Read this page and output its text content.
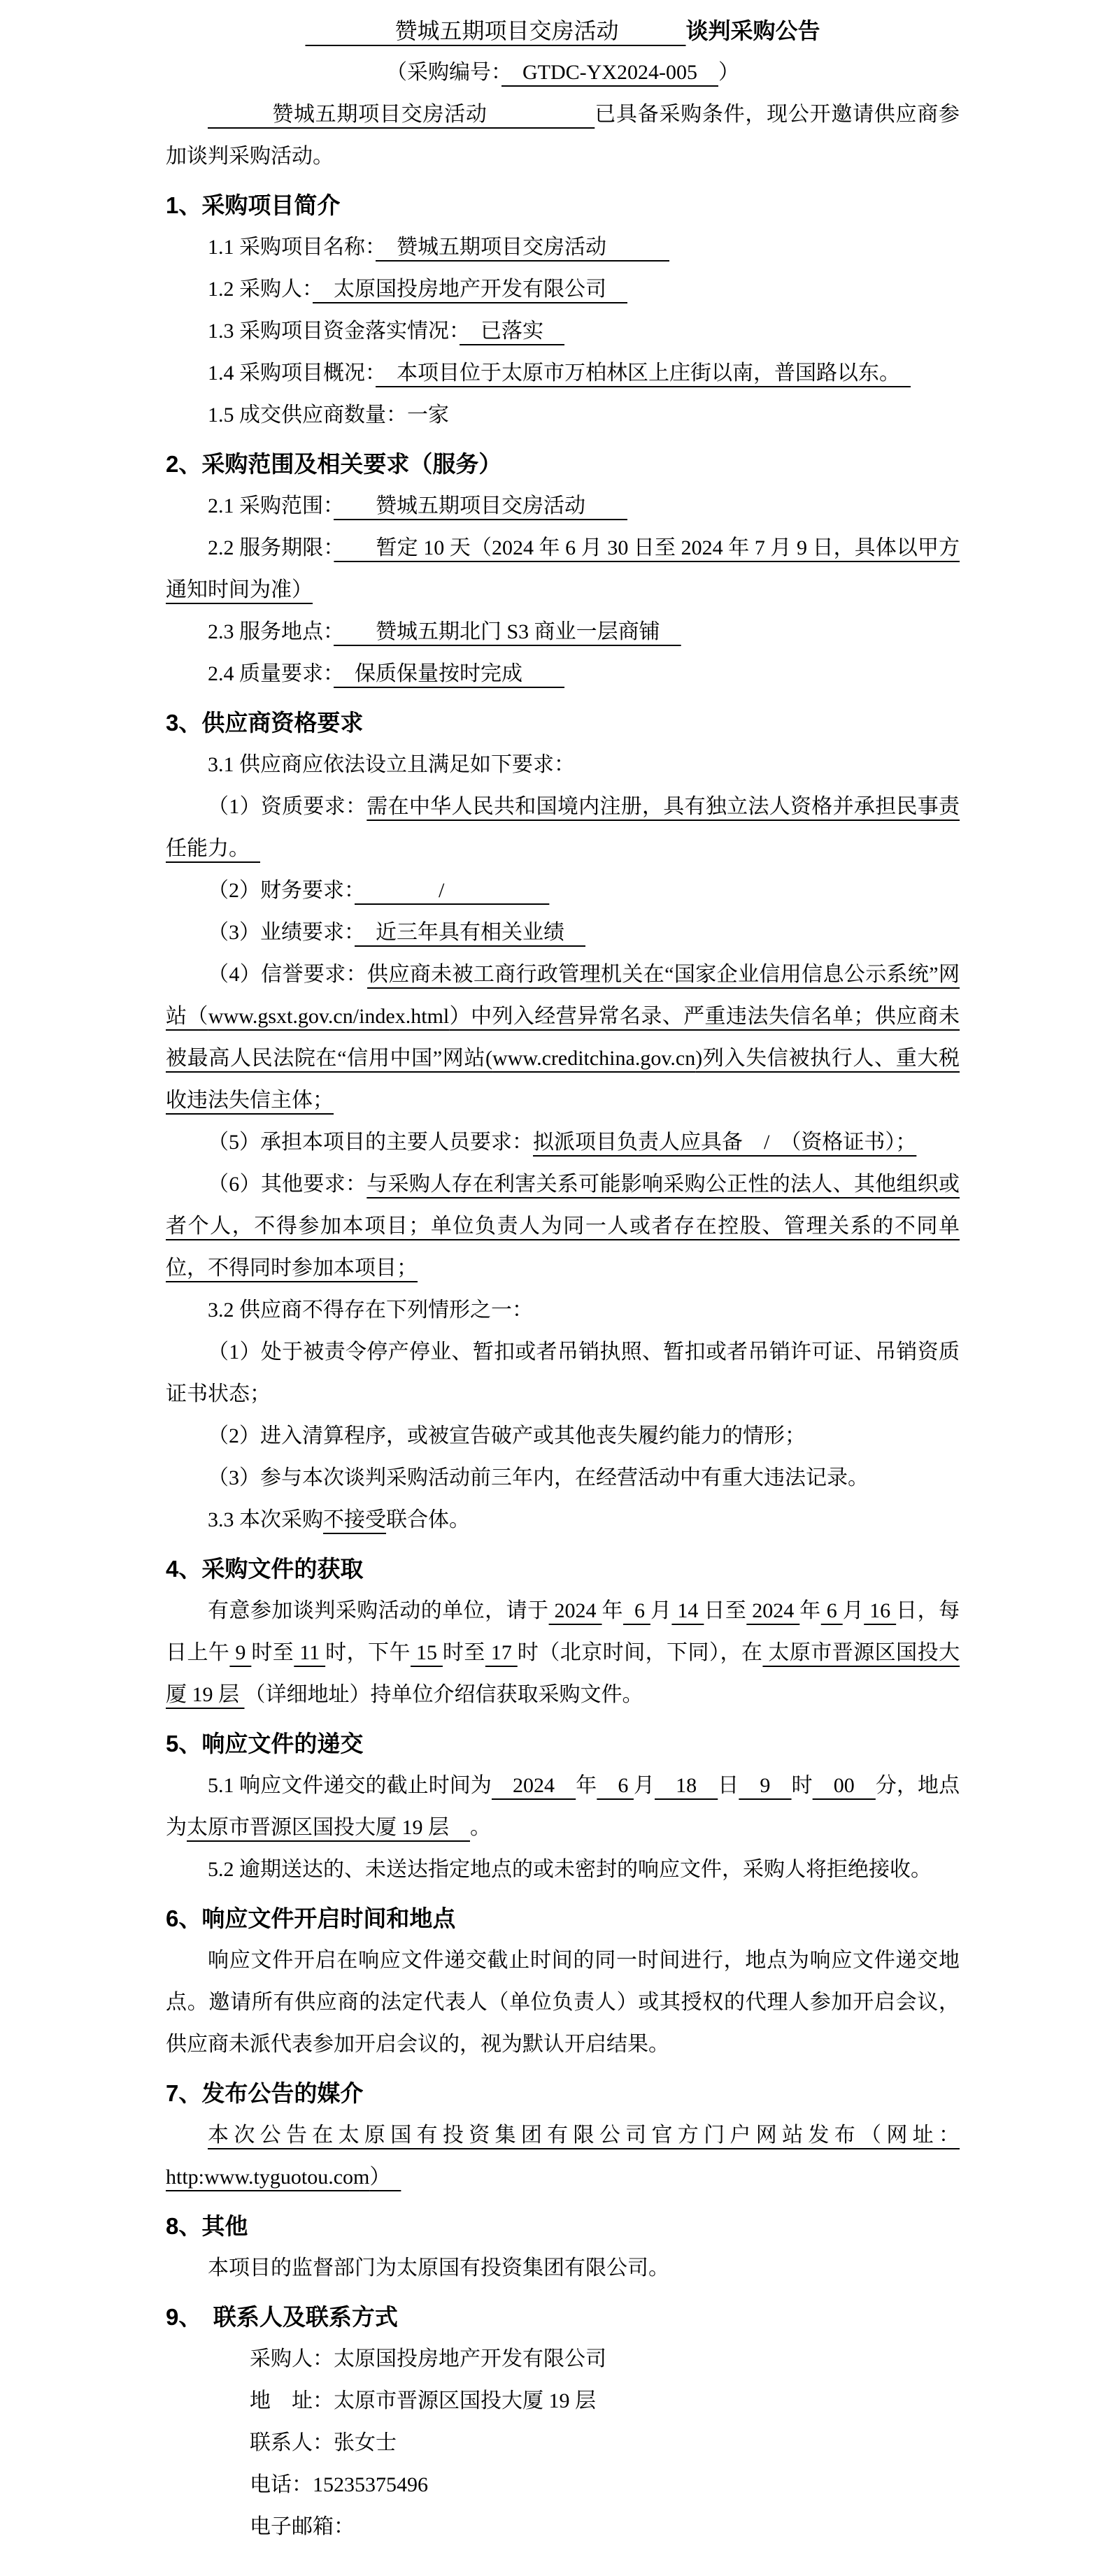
　　　　赞城五期项目交房活动　　　谈判采购公告

（采购编号：　GTDC-YX2024-005　）

　　　赞城五期项目交房活动　　　　　已具备采购条件，现公开邀请供应商参加谈判采购活动。

1、采购项目简介

1.1 采购项目名称：　赞城五期项目交房活动　　　

1.2 采购人：　太原国投房地产开发有限公司　

1.3 采购项目资金落实情况：　已落实　

1.4 采购项目概况：　本项目位于太原市万柏林区上庄街以南，普国路以东。　

1.5 成交供应商数量：一家

2、采购范围及相关要求（服务）

2.1 采购范围：　　赞城五期项目交房活动　　

2.2 服务期限：　　暂定 10 天（2024 年 6 月 30 日至 2024 年 7 月 9 日，具体以甲方通知时间为准）

2.3 服务地点：　　赞城五期北门 S3 商业一层商铺　

2.4 质量要求：　保质保量按时完成　　

3、供应商资格要求

3.1 供应商应依法设立且满足如下要求：

（1）资质要求：需在中华人民共和国境内注册，具有独立法人资格并承担民事责任能力。　

（2）财务要求：　　　　/　　　　　

（3）业绩要求：　近三年具有相关业绩　

（4）信誉要求：供应商未被工商行政管理机关在“国家企业信用信息公示系统”网站（www.gsxt.gov.cn/index.html）中列入经营异常名录、严重违法失信名单；供应商未被最高人民法院在“信用中国”网站(www.creditchina.gov.cn)列入失信被执行人、重大税收违法失信主体；

（5）承担本项目的主要人员要求：拟派项目负责人应具备　/　（资格证书）；

（6）其他要求：与采购人存在利害关系可能影响采购公正性的法人、其他组织或者个人，不得参加本项目；单位负责人为同一人或者存在控股、管理关系的不同单位，不得同时参加本项目；

3.2 供应商不得存在下列情形之一：

（1）处于被责令停产停业、暂扣或者吊销执照、暂扣或者吊销许可证、吊销资质证书状态；

（2）进入清算程序，或被宣告破产或其他丧失履约能力的情形；

（3）参与本次谈判采购活动前三年内，在经营活动中有重大违法记录。

3.3 本次采购不接受联合体。

4、采购文件的获取

有意参加谈判采购活动的单位，请于 2024 年  6 月 14 日至 2024 年 6 月 16 日，每日上午 9 时至 11 时，下午 15 时至 17 时（北京时间，下同），在 太原市晋源区国投大厦 19 层 （详细地址）持单位介绍信获取采购文件。

5、响应文件的递交

5.1 响应文件递交的截止时间为　2024　年　6 月　18　日　9　时　00　分，地点为太原市晋源区国投大厦 19 层　。

5.2 逾期送达的、未送达指定地点的或未密封的响应文件，采购人将拒绝接收。

6、响应文件开启时间和地点

响应文件开启在响应文件递交截止时间的同一时间进行，地点为响应文件递交地点。邀请所有供应商的法定代表人（单位负责人）或其授权的代理人参加开启会议，供应商未派代表参加开启会议的，视为默认开启结果。

7、发布公告的媒介

本次公告在太原国有投资集团有限公司官方门户网站发布（网址：http:www.tyguotou.com）　

8、其他

本项目的监督部门为太原国有投资集团有限公司。

9、　联系人及联系方式

采购人：太原国投房地产开发有限公司

地　址：太原市晋源区国投大厦 19 层

联系人：张女士

电话：15235375496

电子邮箱：
